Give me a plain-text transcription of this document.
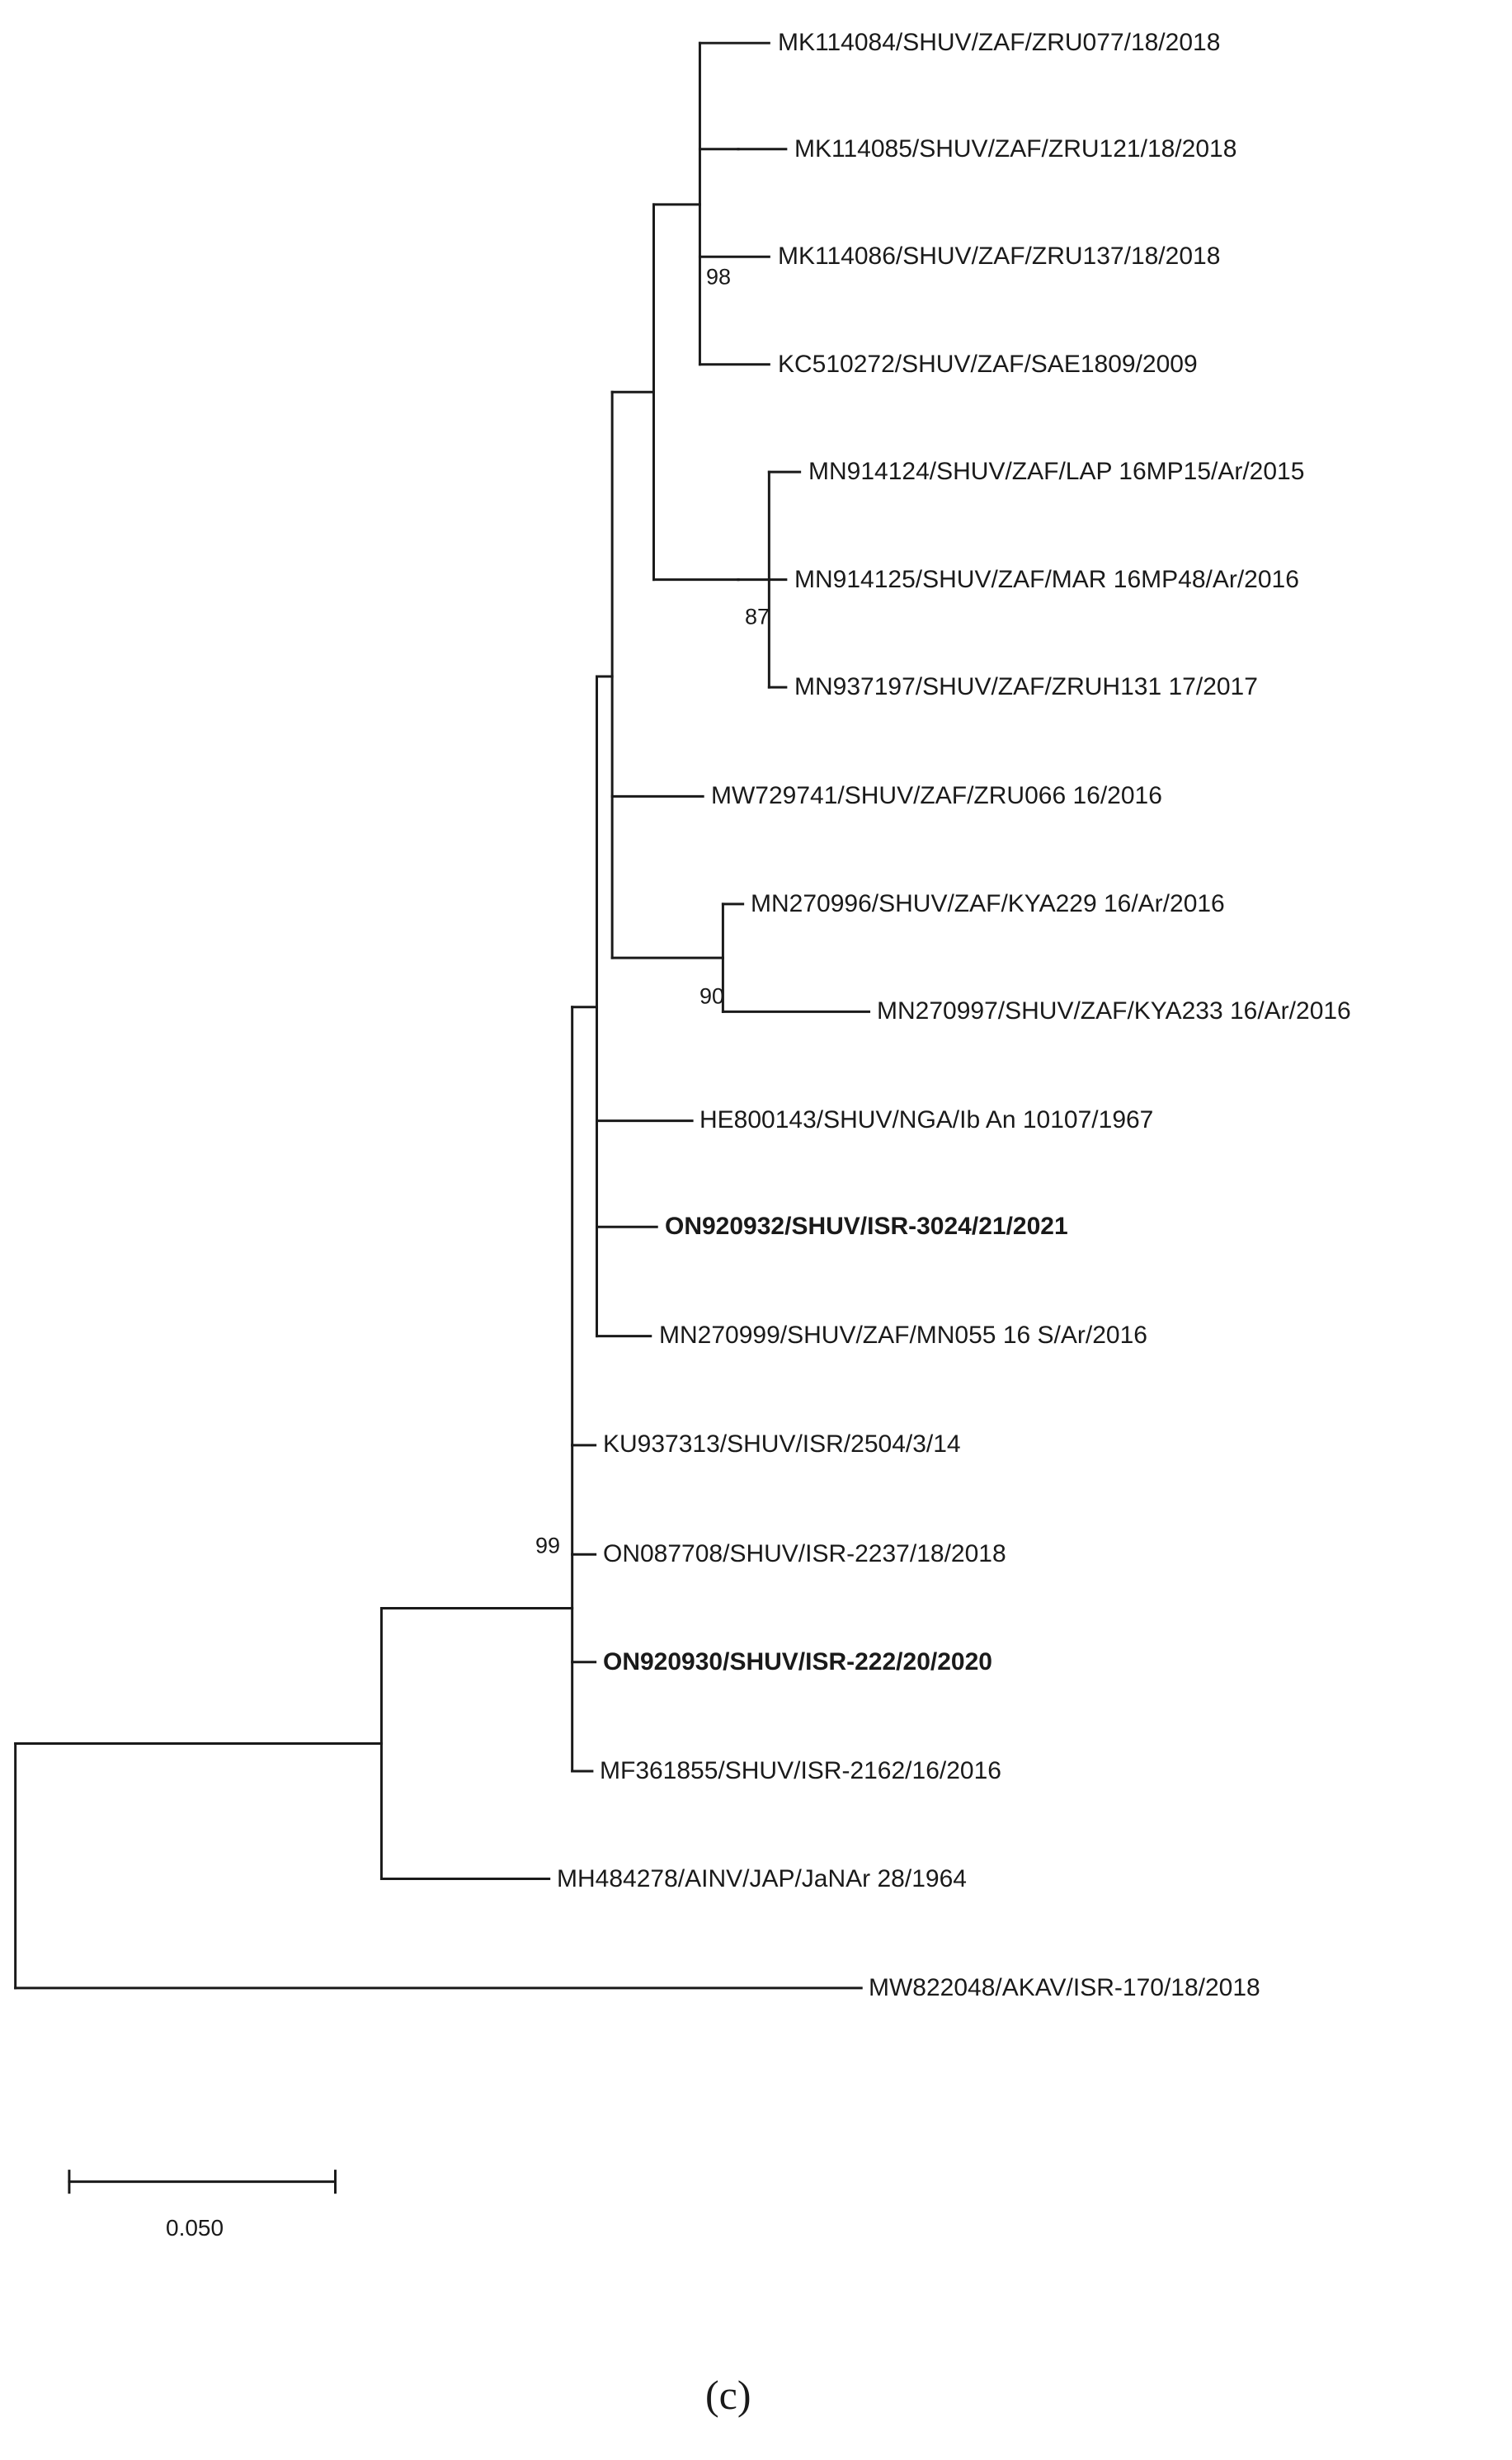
MK114084/SHUV/ZAF/ZRU077/18/2018
MK114085/SHUV/ZAF/ZRU121/18/2018
MK114086/SHUV/ZAF/ZRU137/18/2018
KC510272/SHUV/ZAF/SAE1809/2009
MN914124/SHUV/ZAF/LAP 16MP15/Ar/2015
MN914125/SHUV/ZAF/MAR 16MP48/Ar/2016
MN937197/SHUV/ZAF/ZRUH131 17/2017
MW729741/SHUV/ZAF/ZRU066 16/2016
MN270996/SHUV/ZAF/KYA229 16/Ar/2016
MN270997/SHUV/ZAF/KYA233 16/Ar/2016
HE800143/SHUV/NGA/Ib An 10107/1967
ON920932/SHUV/ISR-3024/21/2021
MN270999/SHUV/ZAF/MN055 16 S/Ar/2016
KU937313/SHUV/ISR/2504/3/14
ON087708/SHUV/ISR-2237/18/2018
ON920930/SHUV/ISR-222/20/2020
MF361855/SHUV/ISR-2162/16/2016
MH484278/AINV/JAP/JaNAr 28/1964
MW822048/AKAV/ISR-170/18/2018
98
87
90
99
0.050
(c)
